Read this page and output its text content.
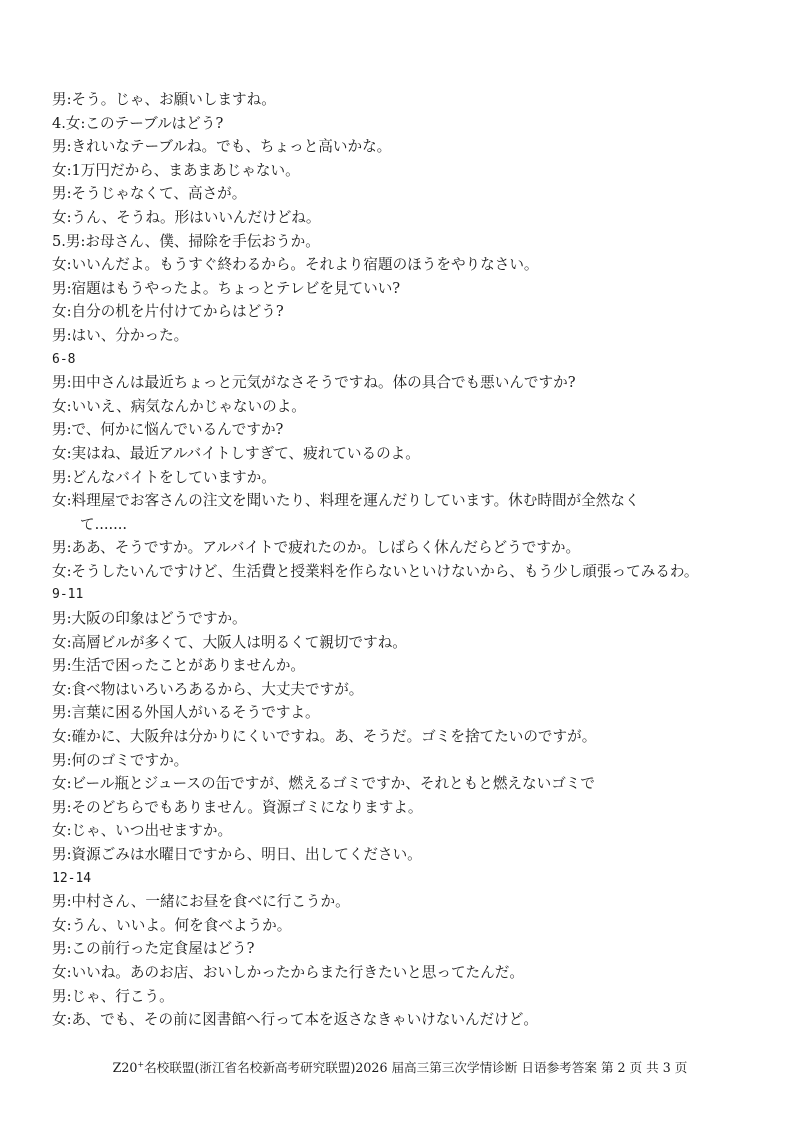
男:そう。じゃ、お願いしますね。
4.女:このテーブルはどう?
男:きれいなテーブルね。でも、ちょっと高いかな。
女:1万円だから、まあまあじゃない。
男:そうじゃなくて、高さが。
女:うん、そうね。形はいいんだけどね。
5.男:お母さん、僕、掃除を手伝おうか。
女:いいんだよ。もうすぐ終わるから。それより宿題のほうをやりなさい。
男:宿題はもうやったよ。ちょっとテレビを見ていい?
女:自分の机を片付けてからはどう?
男:はい、分かった。
6-8
男:田中さんは最近ちょっと元気がなさそうですね。体の具合でも悪いんですか?
女:いいえ、病気なんかじゃないのよ。
男:で、何かに悩んでいるんですか?
女:実はね、最近アルバイトしすぎて、疲れているのよ。
男:どんなバイトをしていますか。
女:料理屋でお客さんの注文を聞いたり、料理を運んだりしています。休む時間が全然なく
て.......
男:ああ、そうですか。アルバイトで疲れたのか。しばらく休んだらどうですか。
女:そうしたいんですけど、生活費と授業料を作らないといけないから、もう少し頑張ってみるわ。
9-11
男:大阪の印象はどうですか。
女:高層ビルが多くて、大阪人は明るくて親切ですね。
男:生活で困ったことがありませんか。
女:食べ物はいろいろあるから、大丈夫ですが。
男:言葉に困る外国人がいるそうですよ。
女:確かに、大阪弁は分かりにくいですね。あ、そうだ。ゴミを捨てたいのですが。
男:何のゴミですか。
女:ビール瓶とジュースの缶ですが、燃えるゴミですか、それともと燃えないゴミで
男:そのどちらでもありません。資源ゴミになりますよ。
女:じゃ、いつ出せますか。
男:資源ごみは水曜日ですから、明日、出してください。
12-14
男:中村さん、一緒にお昼を食べに行こうか。
女:うん、いいよ。何を食べようか。
男:この前行った定食屋はどう?
女:いいね。あのお店、おいしかったからまた行きたいと思ってたんだ。
男:じゃ、行こう。
女:あ、でも、その前に図書館へ行って本を返さなきゃいけないんだけど。
Z20+名校联盟(浙江省名校新高考研究联盟)2026 届高三第三次学情诊断 日语参考答案 第 2 页 共 3 页
